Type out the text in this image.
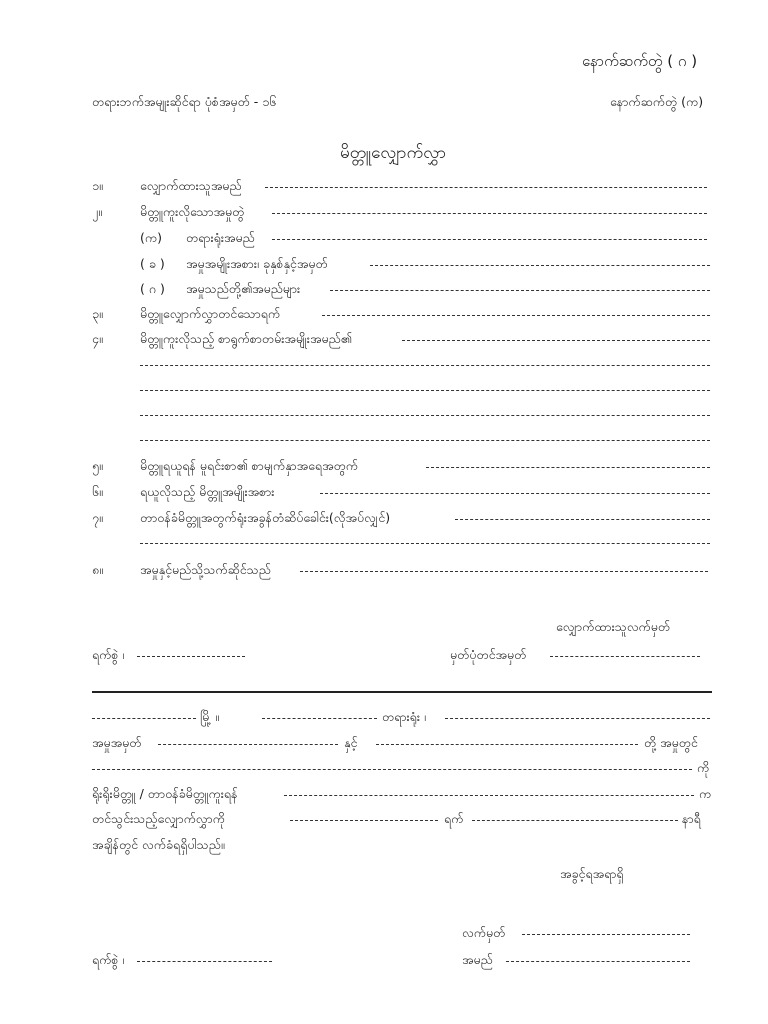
နောက်ဆက်တွဲ ( ဂ )
တရားဘက်အမျုးဆိုင်ရာ ပုံစံအမှတ် - ၁၆	နောက်ဆက်တွဲ (က)
မိတ္တူလျှောက်လွှာ
၁။	လျှောက်ထားသူအမည်
၂။	မိတ္တူကူးလိုသောအမှုတွဲ
(က) တရားရုံးအမည်
( ခ ) အမှုအမျိုးအစား၊ ခုနှစ်နှင့်အမှတ်
( ဂ ) အမှုသည်တို့၏အမည်များ
၃။	မိတ္တူလျှောက်လွှာတင်သောရက်
၄။	မိတ္တူကူးလိုသည့် စာရွက်စာတမ်းအမျိုးအမည်၏
၅။	မိတ္တူရယူရန် မူရင်းစာ၏ စာမျက်နှာအရေအတွက်
၆။	ရယူလိုသည့် မိတ္တူအမျိုးအစား
၇။	တာဝန်ခံမိတ္တူအတွက်ရုံးအခွန်တံဆိပ်ခေါင်း(လိုအပ်လျှင်)
၈။	အမှုနှင့်မည်သို့သက်ဆိုင်သည်
လျှောက်ထားသူလက်မှတ်
ရက်စွဲ ၊	မှတ်ပုံတင်အမှတ်
မြို့ ။	တရားရုံး ၊
အမှုအမှတ်	နှင့်	တို့ အမှုတွင်
ကို
ရိုးရိုးမိတ္တူ / တာဝန်ခံမိတ္တူကူးရန်	က
တင်သွင်းသည့်လျှောက်လွှာကို	ရက်	နာရီ
အချိန်တွင် လက်ခံရရှိပါသည်။
အခွင့်ရအရာရှိ
လက်မှတ်
ရက်စွဲ ၊	အမည်
